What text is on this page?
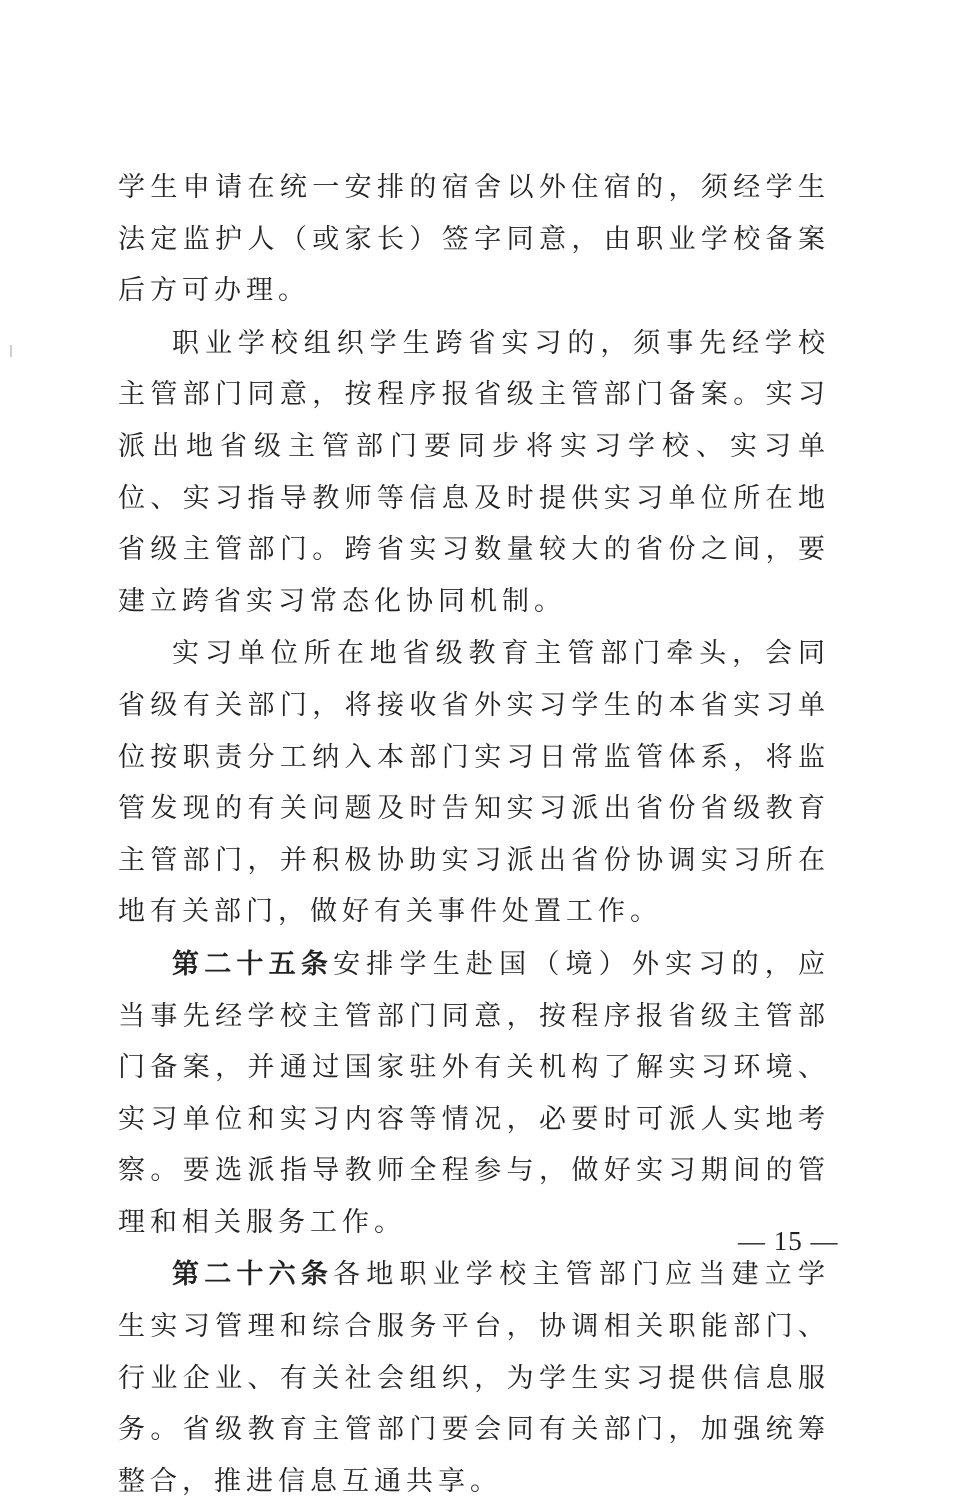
学生申请在统一安排的宿舍以外住宿的，须经学生法定监护人（或家长）签字同意，由职业学校备案后方可办理。

职业学校组织学生跨省实习的，须事先经学校主管部门同意，按程序报省级主管部门备案。实习派出地省级主管部门要同步将实习学校、实习单位、实习指导教师等信息及时提供实习单位所在地省级主管部门。跨省实习数量较大的省份之间，要建立跨省实习常态化协同机制。

实习单位所在地省级教育主管部门牵头，会同省级有关部门，将接收省外实习学生的本省实习单位按职责分工纳入本部门实习日常监管体系，将监管发现的有关问题及时告知实习派出省份省级教育主管部门，并积极协助实习派出省份协调实习所在地有关部门，做好有关事件处置工作。

第二十五条安排学生赴国（境）外实习的，应当事先经学校主管部门同意，按程序报省级主管部门备案，并通过国家驻外有关机构了解实习环境、实习单位和实习内容等情况，必要时可派人实地考察。要选派指导教师全程参与，做好实习期间的管理和相关服务工作。

第二十六条各地职业学校主管部门应当建立学生实习管理和综合服务平台，协调相关职能部门、行业企业、有关社会组织，为学生实习提供信息服务。省级教育主管部门要会同有关部门，加强统筹整合，推进信息互通共享。

— 15 —
